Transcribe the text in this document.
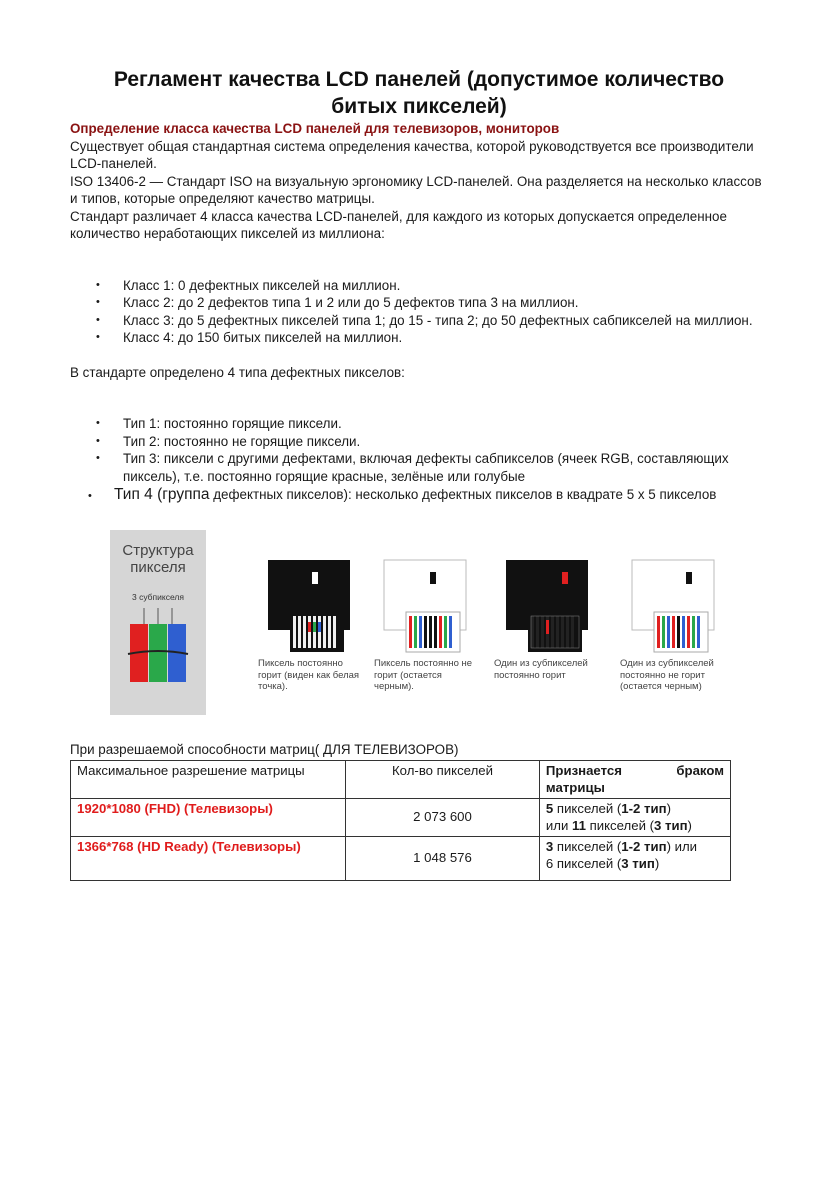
Регламент качества LCD панелей (допустимое количество битых пикселей)

Определение класса качества LCD панелей для телевизоров, мониторов

Существует общая стандартная система определения качества, которой руководствуется все производители LCD-панелей.

ISO 13406-2 — Стандарт ISO на визуальную эргономику LCD-панелей. Она разделяется на несколько классов и типов, которые определяют качество матрицы.

Стандарт различает 4 класса качества LCD-панелей, для каждого из которых допускается определенное количество неработающих пикселей из миллиона:

• Класс 1: 0 дефектных пикселей на миллион.
• Класс 2: до 2 дефектов типа 1 и 2 или до 5 дефектов типа 3 на миллион.
• Класс 3: до 5 дефектных пикселей типа 1; до 15 - типа 2; до 50 дефектных сабпикселей на миллион.
• Класс 4: до 150 битых пикселей на миллион.

В стандарте определено 4 типа дефектных пикселов:

• Тип 1: постоянно горящие пиксели.
• Тип 2: постоянно не горящие пиксели.
• Тип 3: пиксели с другими дефектами, включая дефекты сабпикселов (ячеек RGB, составляющих пиксель), т.е. постоянно горящие красные, зелёные или голубые
• Тип 4 (группа дефектных пикселов): несколько дефектных пикселов в квадрате 5 х 5 пикселов
Структура пикселя
3 субпикселя
Пиксель постоянно горит (виден как белая точка).
Пиксель постоянно не горит (остается черным).
Один из субпикселей постоянно горит
Один из субпикселей постоянно не горит (остается черным)
При разрешаемой способности матриц( ДЛЯ ТЕЛЕВИЗОРОВ)
Максимальное разрешение матрицы	Кол-во пикселей	Признается браком
матрицы

1920*1080 (FHD) (Телевизоры)	2 073 600	5 пикселей (1-2 тип)
или 11 пикселей (3 тип)

1366*768 (HD Ready) (Телевизоры)	1 048 576	3 пикселей (1-2 тип) или
6 пикселей (3 тип)
